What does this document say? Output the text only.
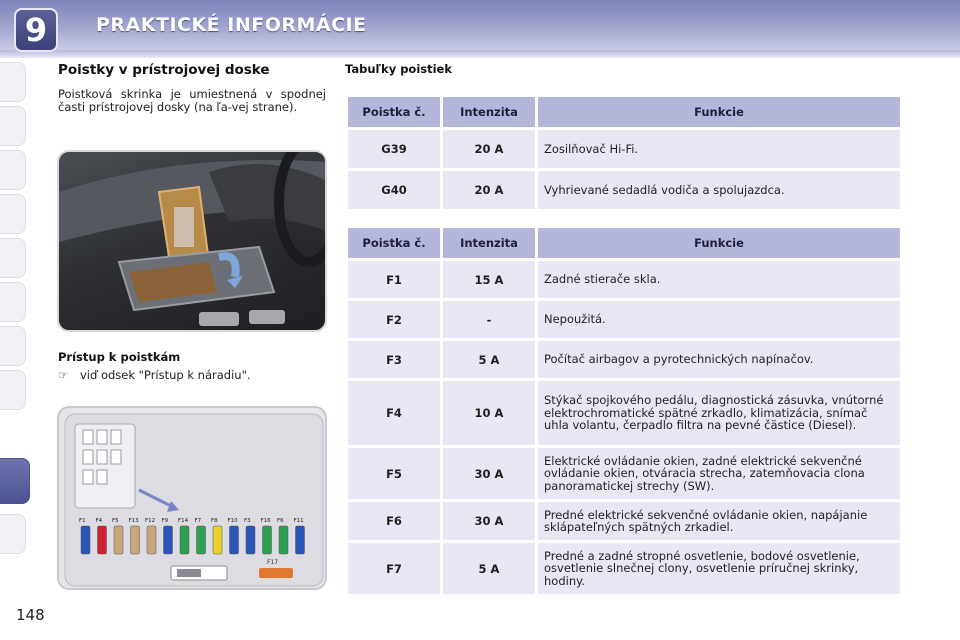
9	PRAKTICKÉ INFORMÁCIE
148
Poistky v prístrojovej doske
Poistková skrinka je umiestnená v spodnej časti prístrojovej dosky (na ľa-vej strane).
Prístup k poistkám
☞ viď odsek "Prístup k náradiu".
F1 F4 F5 F13 F12 F9 F14 F7 F8 F10 F3 F16 F6 F11
F17
Tabuľky poistiek
Poistka č.	Intenzita	Funkcie
G39	20 A	Zosilňovač Hi-Fi.
G40	20 A	Vyhrievané sedadlá vodiča a spolujazdca.
Poistka č.	Intenzita	Funkcie
F1	15 A	Zadné stierače skla.
F2	-	Nepoužitá.
F3	5 A	Počítač airbagov a pyrotechnických napínačov.
F4	10 A	Stýkač spojkového pedálu, diagnostická zásuvka, vnútorné elektrochromatické spätné zrkadlo, klimatizácia, snímač uhla volantu, čerpadlo filtra na pevné čästice (Diesel).
F5	30 A	Elektrické ovládanie okien, zadné elektrické sekvenčné ovládanie okien, otváracia strecha, zatemňovacia clona panoramatickej strechy (SW).
F6	30 A	Predné elektrické sekvenčné ovládanie okien, napájanie sklápateľných spätných zrkadiel.
F7	5 A	Predné a zadné stropné osvetlenie, bodové osvetlenie, osvetlenie slnečnej clony, osvetlenie príručnej skrinky, hodiny.
